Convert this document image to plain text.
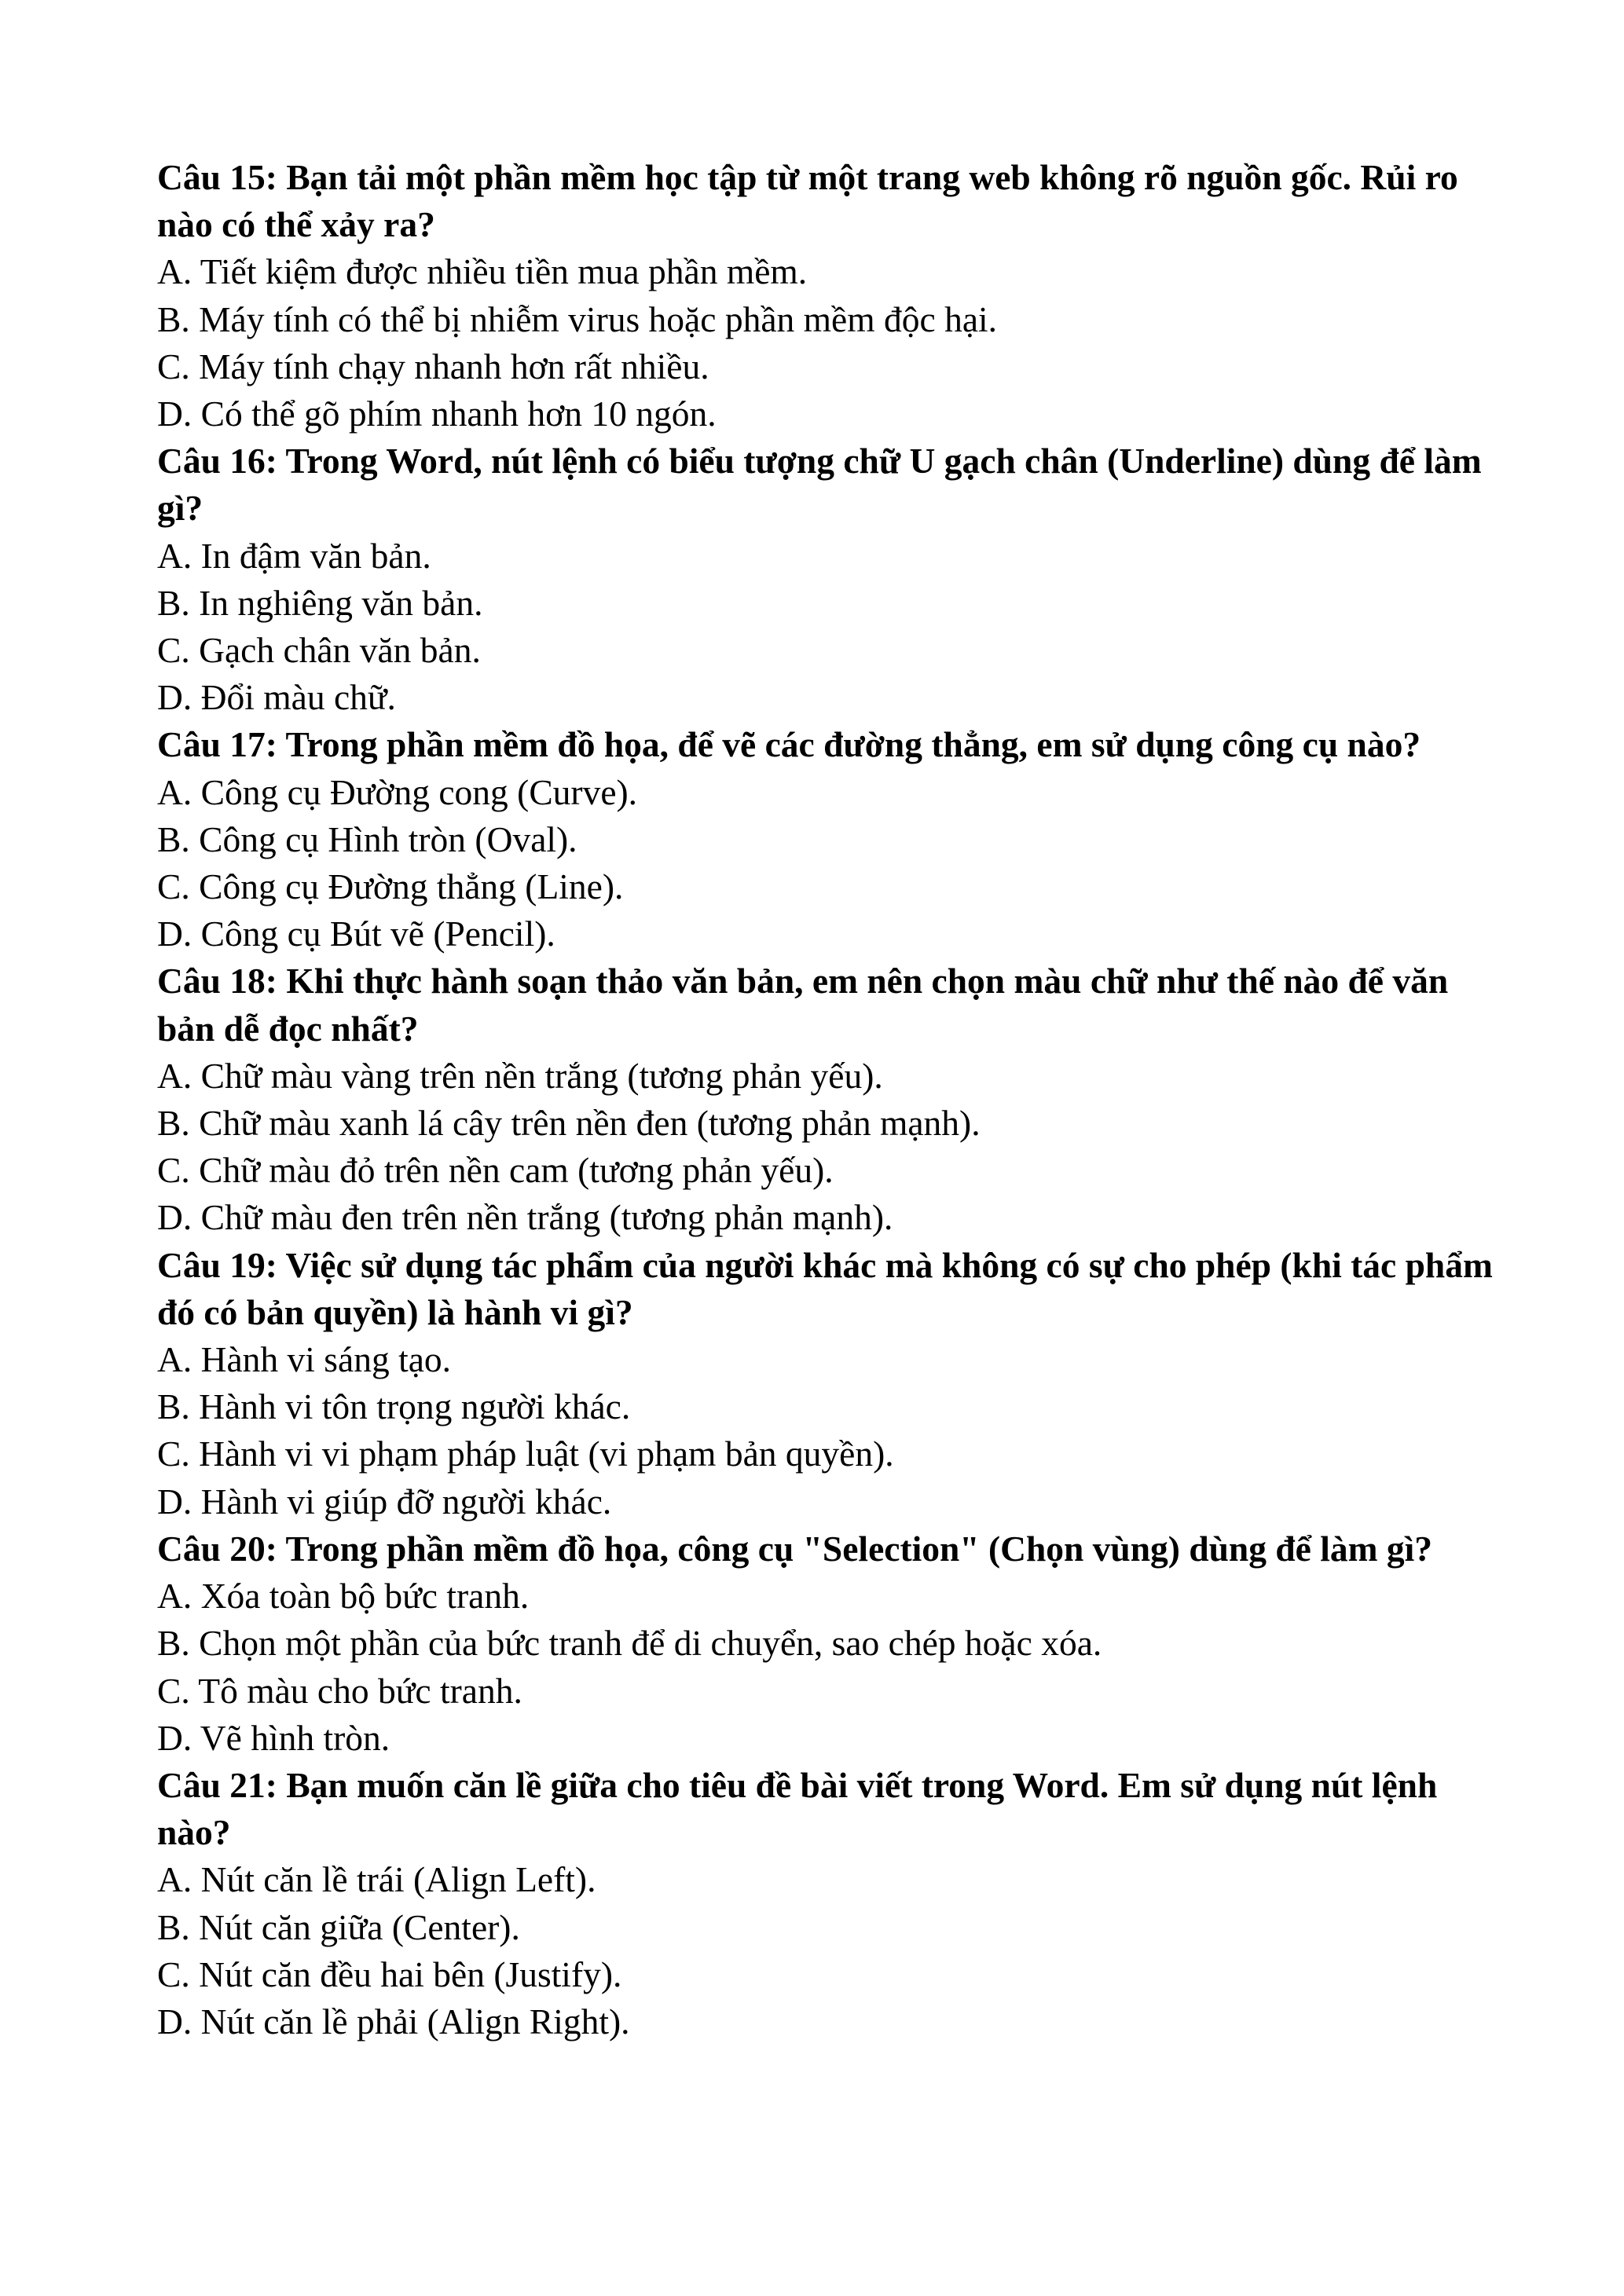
Câu 15: Bạn tải một phần mềm học tập từ một trang web không rõ nguồn gốc. Rủi ro nào có thể xảy ra?

A. Tiết kiệm được nhiều tiền mua phần mềm.

B. Máy tính có thể bị nhiễm virus hoặc phần mềm độc hại.

C. Máy tính chạy nhanh hơn rất nhiều.

D. Có thể gõ phím nhanh hơn 10 ngón.

Câu 16: Trong Word, nút lệnh có biểu tượng chữ U gạch chân (Underline) dùng để làm gì?

A. In đậm văn bản.

B. In nghiêng văn bản.

C. Gạch chân văn bản.

D. Đổi màu chữ.

Câu 17: Trong phần mềm đồ họa, để vẽ các đường thẳng, em sử dụng công cụ nào?

A. Công cụ Đường cong (Curve).

B. Công cụ Hình tròn (Oval).

C. Công cụ Đường thẳng (Line).

D. Công cụ Bút vẽ (Pencil).

Câu 18: Khi thực hành soạn thảo văn bản, em nên chọn màu chữ như thế nào để văn bản dễ đọc nhất?

A. Chữ màu vàng trên nền trắng (tương phản yếu).

B. Chữ màu xanh lá cây trên nền đen (tương phản mạnh).

C. Chữ màu đỏ trên nền cam (tương phản yếu).

D. Chữ màu đen trên nền trắng (tương phản mạnh).

Câu 19: Việc sử dụng tác phẩm của người khác mà không có sự cho phép (khi tác phẩm đó có bản quyền) là hành vi gì?

A. Hành vi sáng tạo.

B. Hành vi tôn trọng người khác.

C. Hành vi vi phạm pháp luật (vi phạm bản quyền).

D. Hành vi giúp đỡ người khác.

Câu 20: Trong phần mềm đồ họa, công cụ "Selection" (Chọn vùng) dùng để làm gì?

A. Xóa toàn bộ bức tranh.

B. Chọn một phần của bức tranh để di chuyển, sao chép hoặc xóa.

C. Tô màu cho bức tranh.

D. Vẽ hình tròn.

Câu 21: Bạn muốn căn lề giữa cho tiêu đề bài viết trong Word. Em sử dụng nút lệnh nào?

A. Nút căn lề trái (Align Left).

B. Nút căn giữa (Center).

C. Nút căn đều hai bên (Justify).

D. Nút căn lề phải (Align Right).
